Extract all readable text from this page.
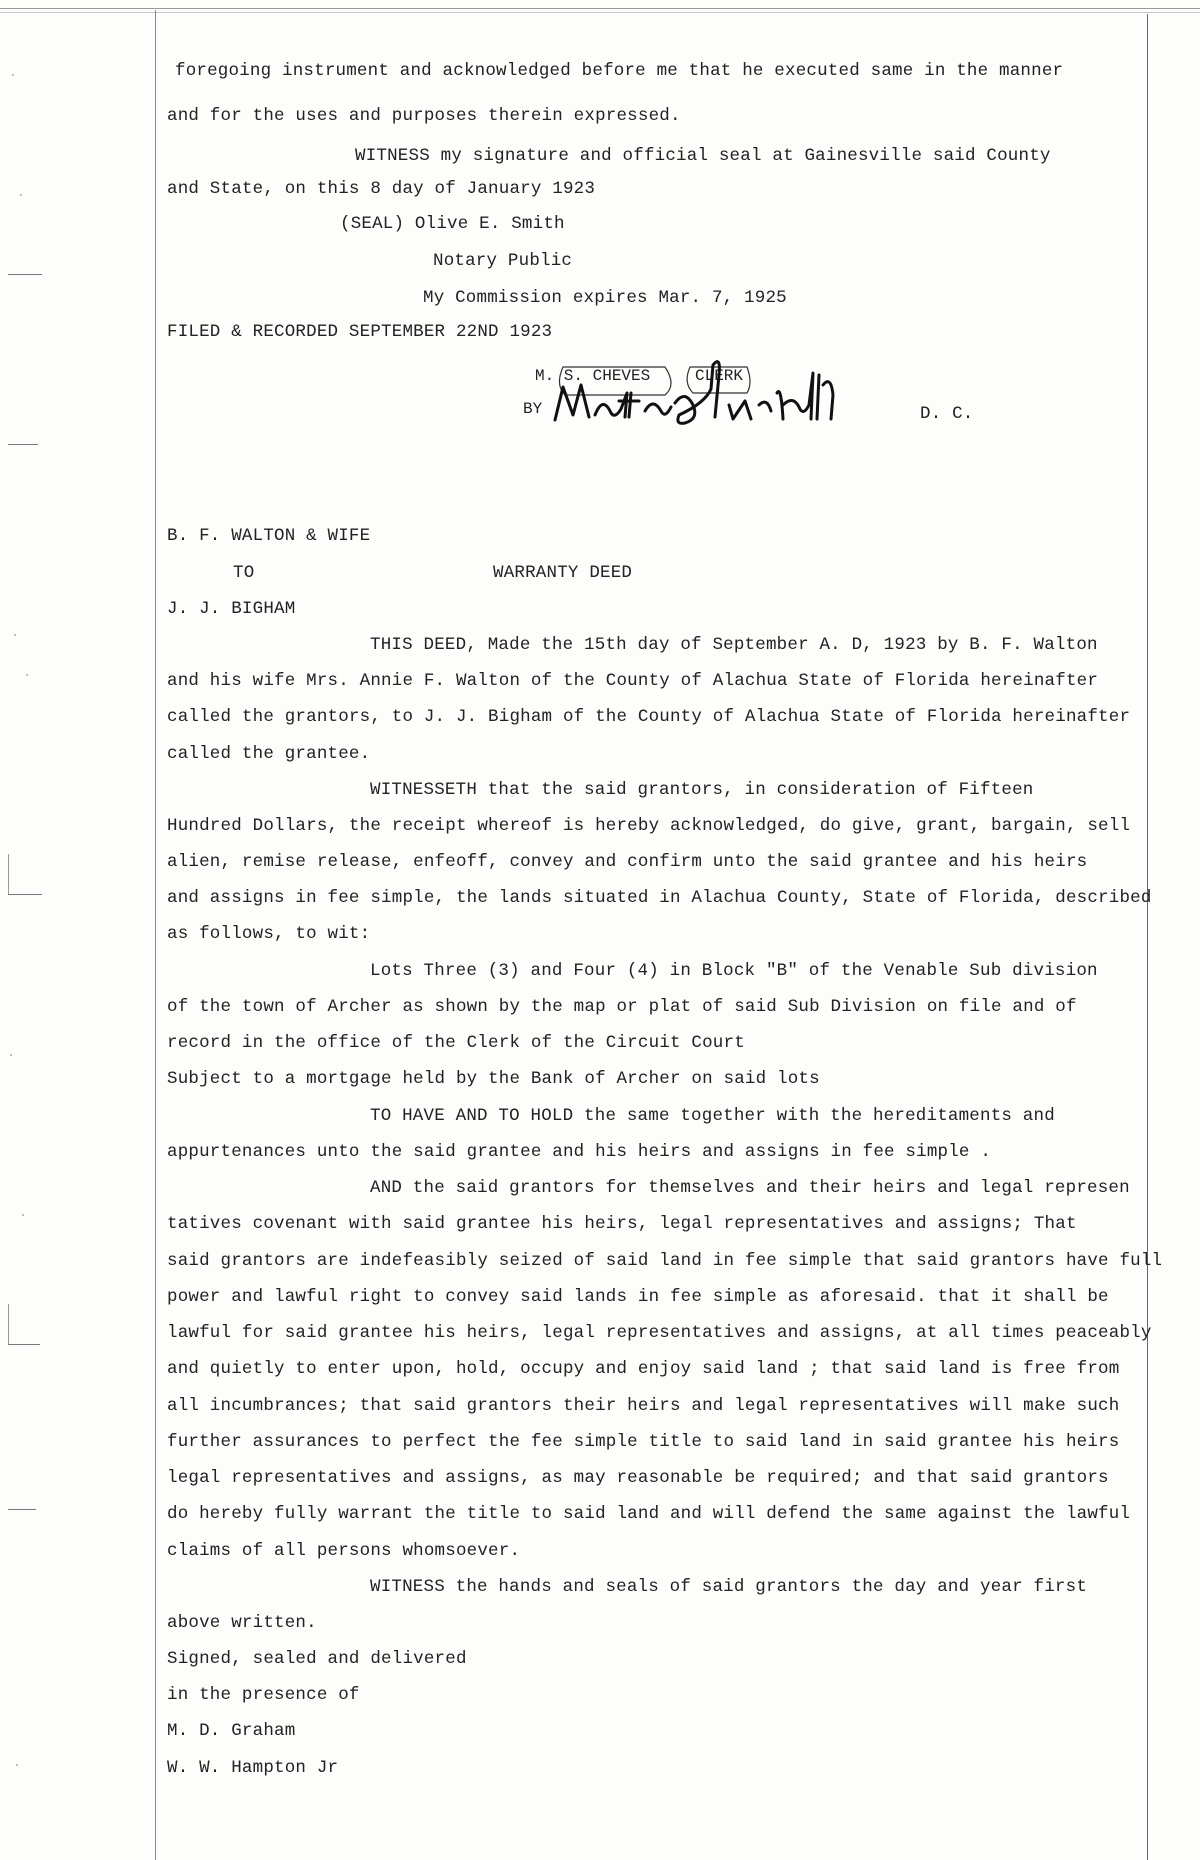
foregoing instrument and acknowledged before me that he executed same in the manner
and for the uses and purposes therein expressed.
WITNESS my signature and official seal at Gainesville said County
and State, on this 8 day of January 1923
(SEAL) Olive E. Smith
Notary Public
My Commission expires Mar. 7, 1925
FILED & RECORDED SEPTEMBER 22ND 1923
M. S. CHEVES	CLERK
BY	D. C.
B. F. WALTON & WIFE
TO	WARRANTY DEED
J. J. BIGHAM
THIS DEED, Made the 15th day of September A. D, 1923 by B. F. Walton
and his wife Mrs. Annie F. Walton of the County of Alachua State of Florida hereinafter
called the grantors, to J. J. Bigham of the County of Alachua State of Florida hereinafter
called the grantee.
WITNESSETH that the said grantors, in consideration of Fifteen
Hundred Dollars, the receipt whereof is hereby acknowledged, do give, grant, bargain, sell
alien, remise release, enfeoff, convey and confirm unto the said grantee and his heirs
and assigns in fee simple, the lands situated in Alachua County, State of Florida, described
as follows, to wit:
Lots Three (3) and Four (4) in Block "B" of the Venable Sub division
of the town of Archer as shown by the map or plat of said Sub Division on file and of
record in the office of the Clerk of the Circuit Court
Subject to a mortgage held by the Bank of Archer on said lots
TO HAVE AND TO HOLD the same together with the hereditaments and
appurtenances unto the said grantee and his heirs and assigns in fee simple .
AND the said grantors for themselves and their heirs and legal represen
tatives covenant with said grantee his heirs, legal representatives and assigns; That
said grantors are indefeasibly seized of said land in fee simple that said grantors have full
power and lawful right to convey said lands in fee simple as aforesaid. that it shall be
lawful for said grantee his heirs, legal representatives and assigns, at all times peaceably
and quietly to enter upon, hold, occupy and enjoy said land ; that said land is free from
all incumbrances; that said grantors their heirs and legal representatives will make such
further assurances to perfect the fee simple title to said land in said grantee his heirs
legal representatives and assigns, as may reasonable be required; and that said grantors
do hereby fully warrant the title to said land and will defend the same against the lawful
claims of all persons whomsoever.
WITNESS the hands and seals of said grantors the day and year first
above written.
Signed, sealed and delivered
in the presence of
M. D. Graham
W. W. Hampton Jr
